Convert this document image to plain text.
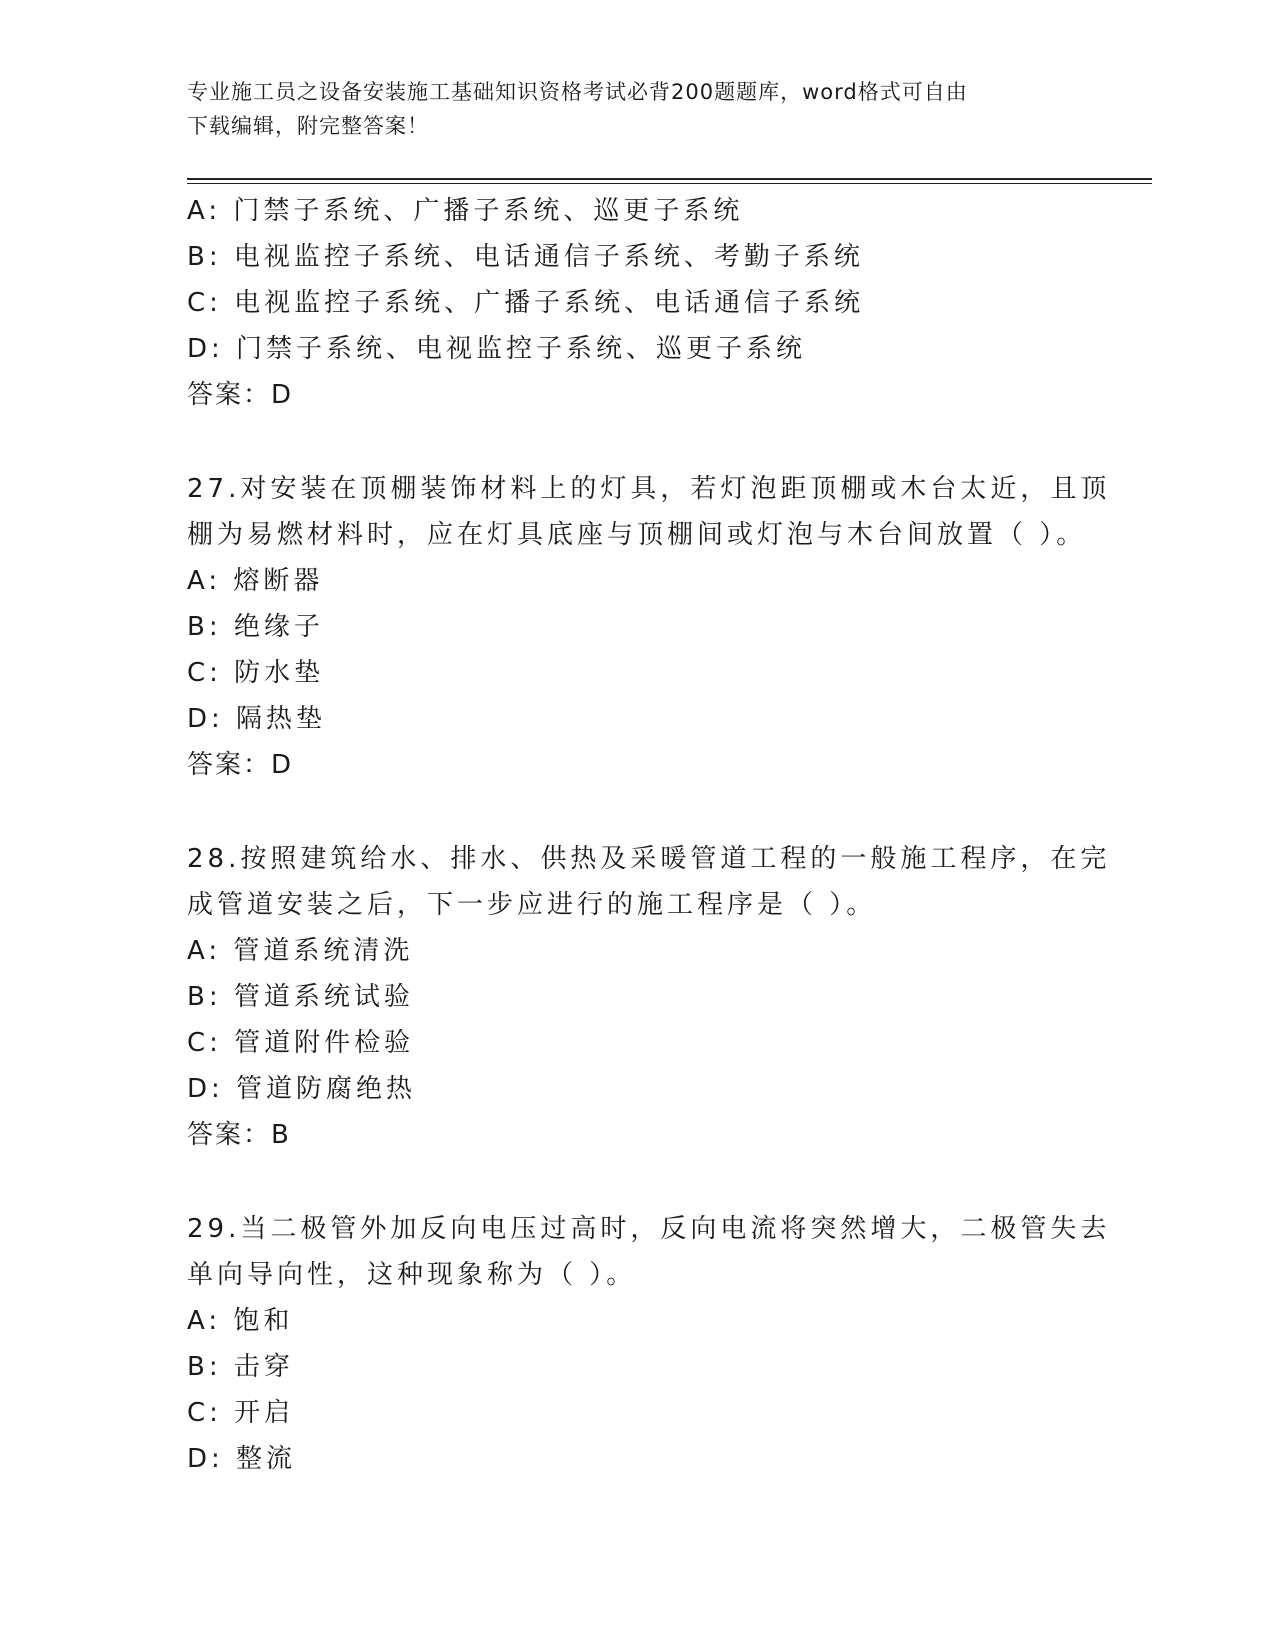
专业施工员之设备安装施工基础知识资格考试必背200题题库，word格式可自由
下载编辑，附完整答案！
A: 门禁子系统、广播子系统、巡更子系统
B: 电视监控子系统、电话通信子系统、考勤子系统
C: 电视监控子系统、广播子系统、电话通信子系统
D: 门禁子系统、电视监控子系统、巡更子系统
答案：D
27.对安装在顶棚装饰材料上的灯具，若灯泡距顶棚或木台太近，且顶
棚为易燃材料时，应在灯具底座与顶棚间或灯泡与木台间放置（ ）。
A: 熔断器
B: 绝缘子
C: 防水垫
D: 隔热垫
答案：D
28.按照建筑给水、排水、供热及采暖管道工程的一般施工程序，在完
成管道安装之后，下一步应进行的施工程序是（ ）。
A: 管道系统清洗
B: 管道系统试验
C: 管道附件检验
D: 管道防腐绝热
答案：B
29.当二极管外加反向电压过高时，反向电流将突然增大，二极管失去
单向导向性，这种现象称为（ ）。
A: 饱和
B: 击穿
C: 开启
D: 整流
